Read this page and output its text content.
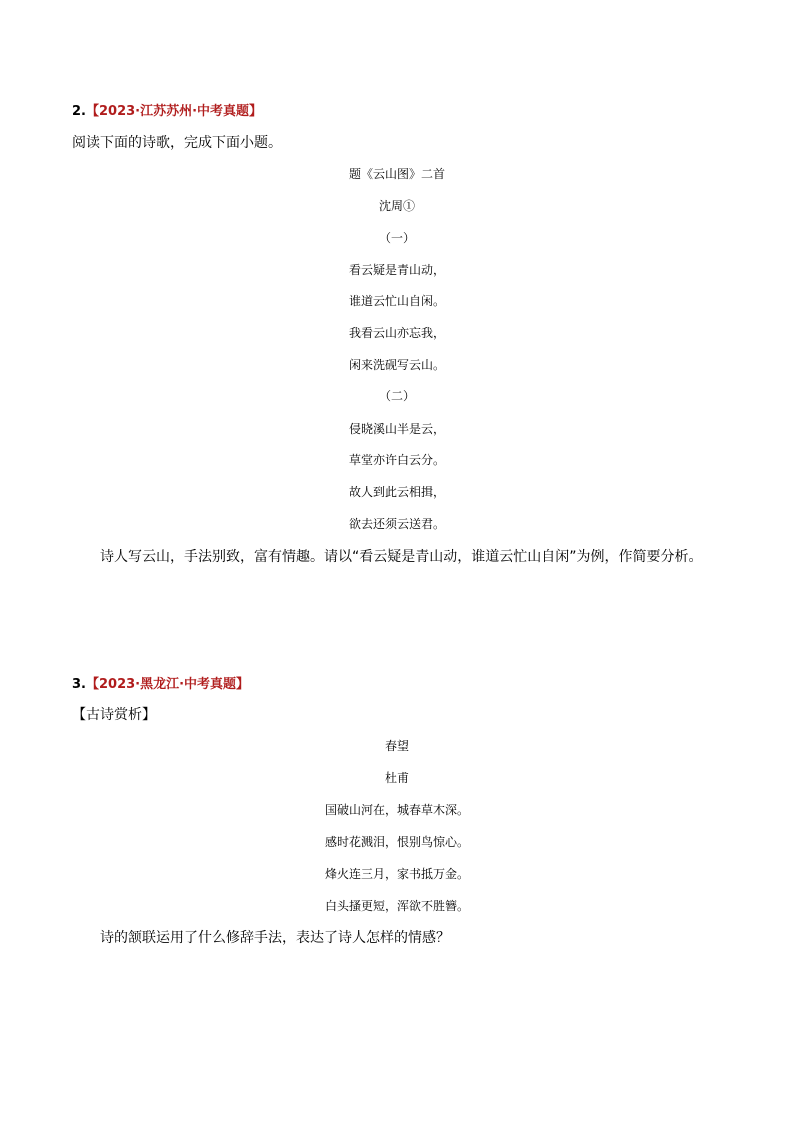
2.【2023·江苏苏州·中考真题】
阅读下面的诗歌，完成下面小题。
题《云山图》二首
沈周①
（一）
看云疑是青山动，
谁道云忙山自闲。
我看云山亦忘我，
闲来洗砚写云山。
（二）
侵晓溪山半是云，
草堂亦许白云分。
故人到此云相揖，
欲去还须云送君。
诗人写云山，手法别致，富有情趣。请以“看云疑是青山动，谁道云忙山自闲”为例，作简要分析。
3.【2023·黑龙江·中考真题】
【古诗赏析】
春望
杜甫
国破山河在，城春草木深。
感时花溅泪，恨别鸟惊心。
烽火连三月，家书抵万金。
白头搔更短，浑欲不胜簪。
诗的颔联运用了什么修辞手法，表达了诗人怎样的情感？
